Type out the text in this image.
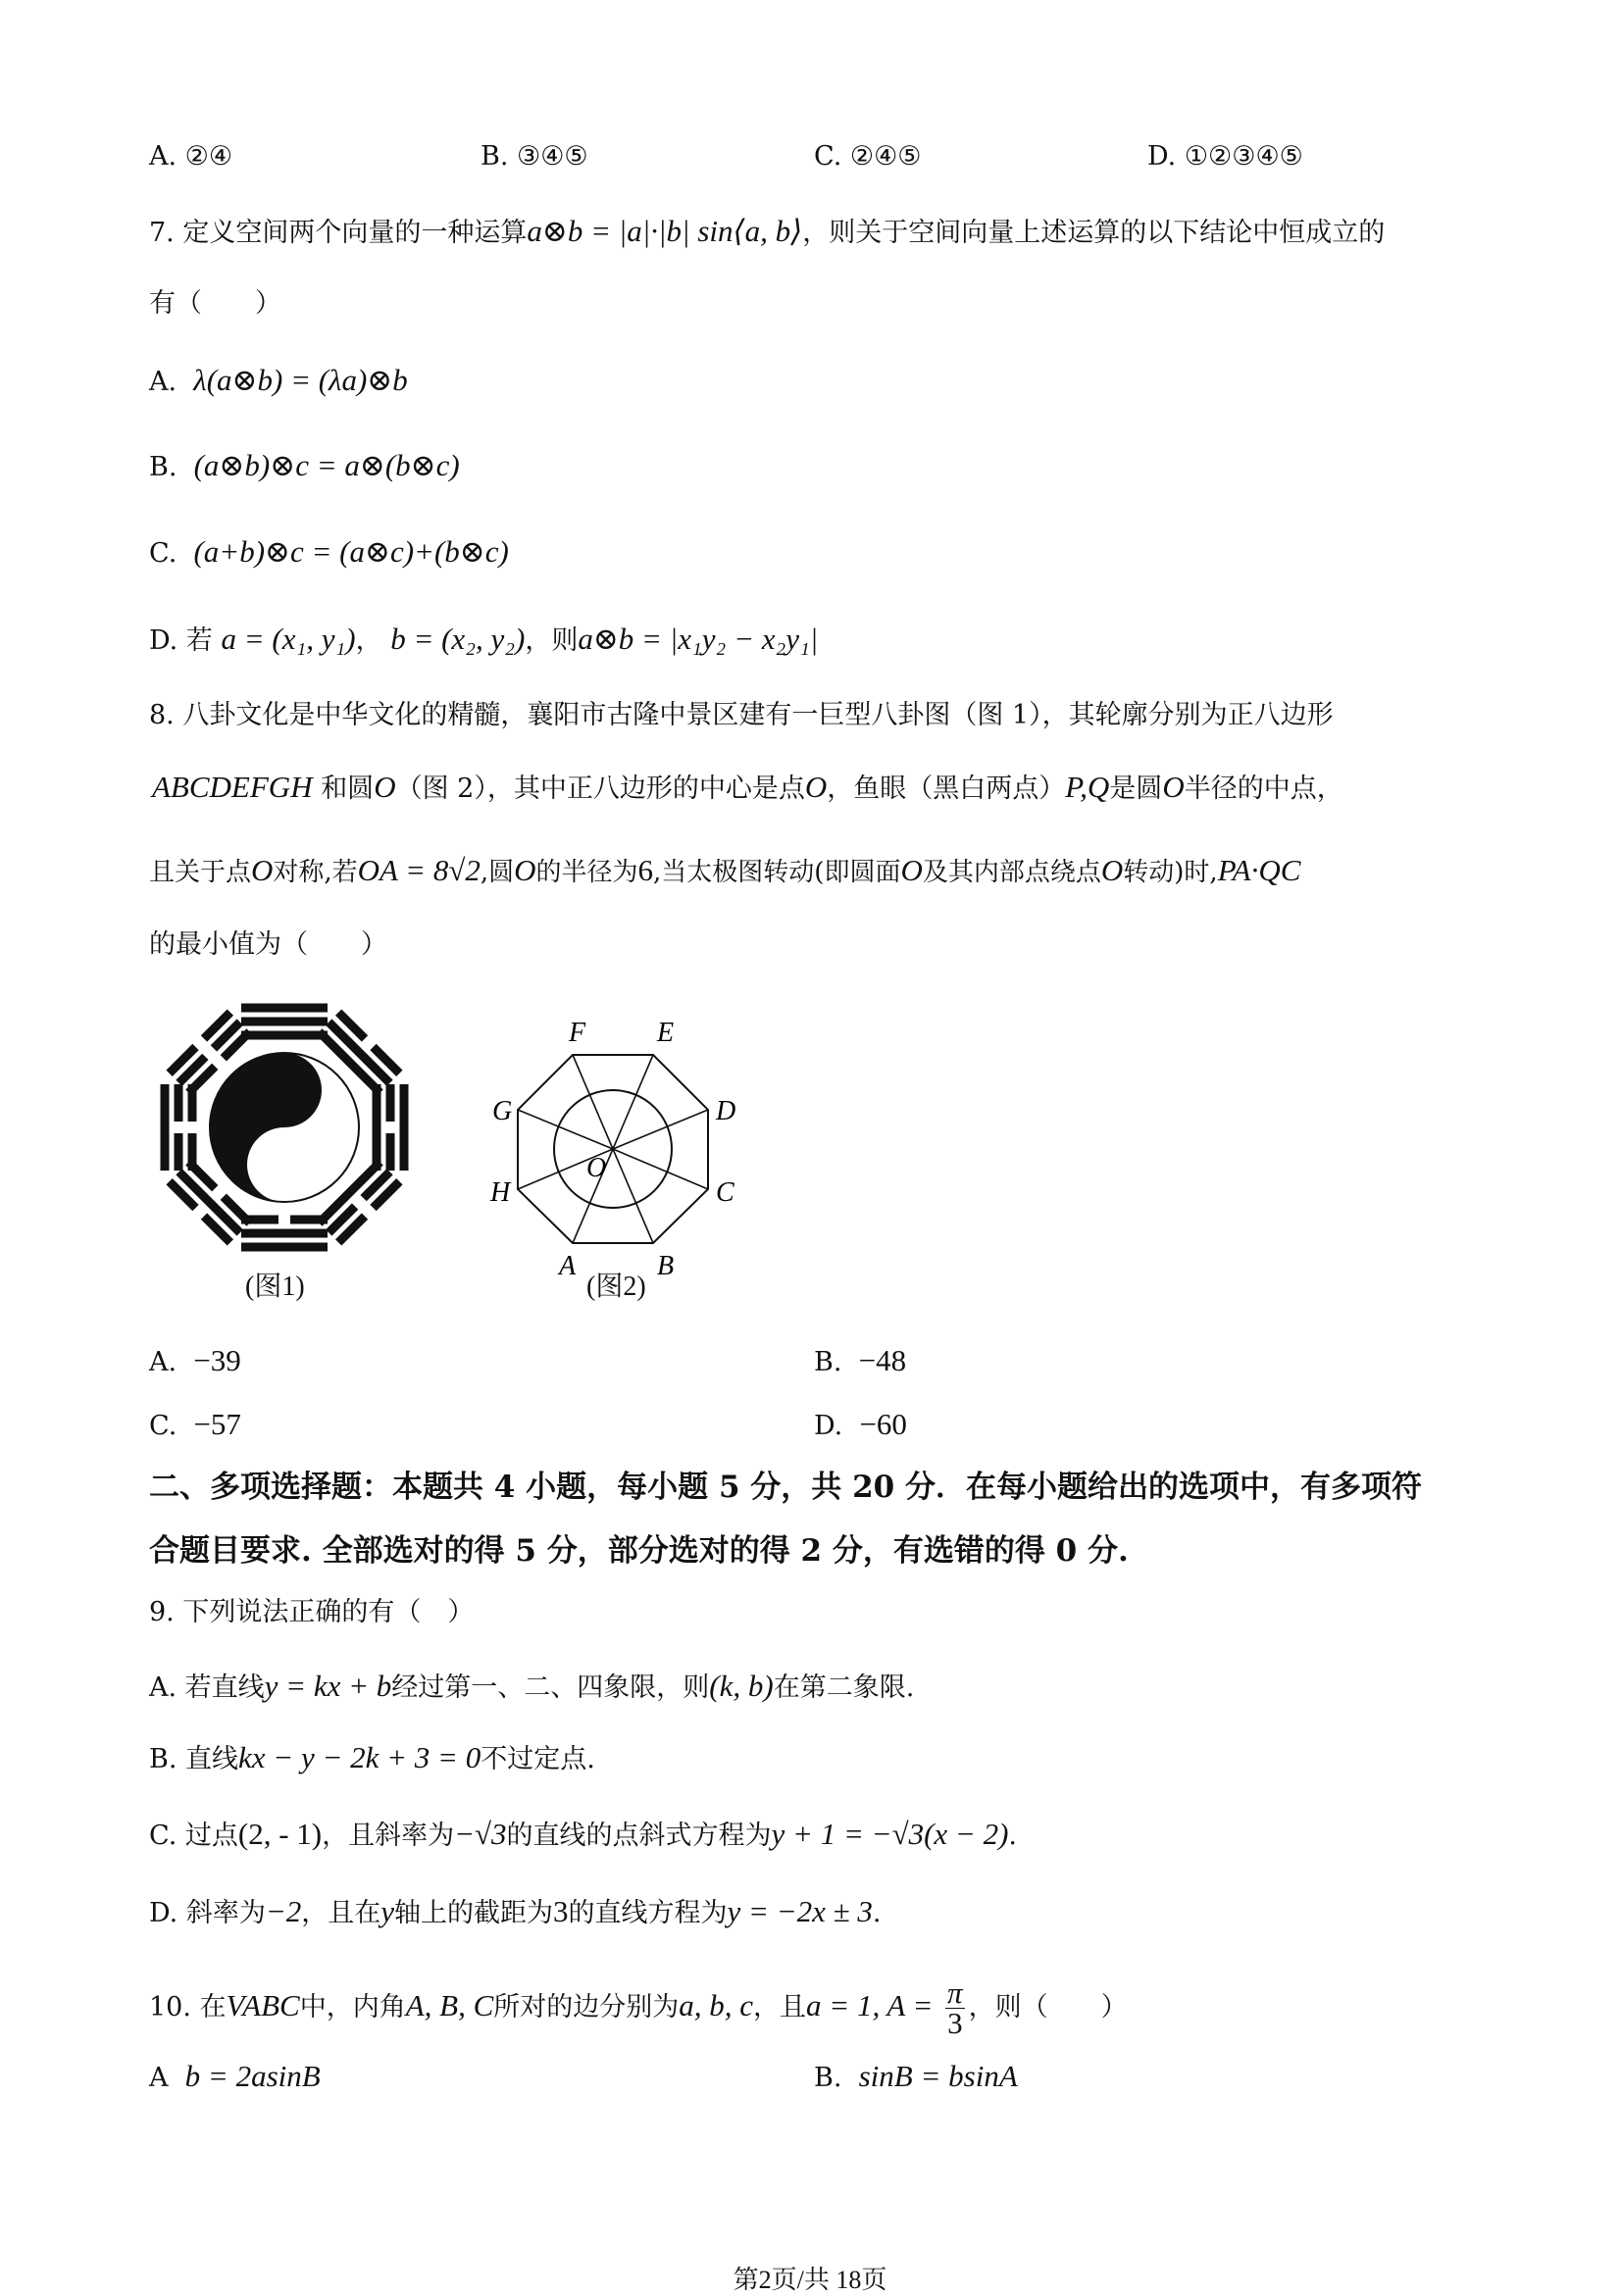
A. ②④	B. ③④⑤	C. ②④⑤	D. ①②③④⑤
7. 定义空间两个向量的一种运算a⊗b = |a|·|b| sin⟨a, b⟩，则关于空间向量上述运算的以下结论中恒成立的
有（　　）
A. λ(a⊗b) = (λa)⊗b
B. (a⊗b)⊗c = a⊗(b⊗c)
C. (a+b)⊗c = (a⊗c)+(b⊗c)
D. 若 a = (x₁, y₁)， b = (x₂, y₂)，则a⊗b = |x₁y₂ − x₂y₁|
8. 八卦文化是中华文化的精髓，襄阳市古隆中景区建有一巨型八卦图（图 1），其轮廓分别为正八边形
ABCDEFGH 和圆O（图 2），其中正八边形的中心是点O，鱼眼（黑白两点）P,Q是圆O半径的中点，
且关于点O对称,若OA = 8√2,圆O的半径为6,当太极图转动(即圆面O及其内部点绕点O转动)时,PA·QC
的最小值为（　　）
(图1)
A	B
C
D
E
F
G
H
O
(图2)
A. −39	B. −48
C. −57	D. −60
二、多项选择题：本题共 4 小题，每小题 5 分，共 20 分．在每小题给出的选项中，有多项符
合题目要求. 全部选对的得 5 分，部分选对的得 2 分，有选错的得 0 分.
9. 下列说法正确的有（　）
A. 若直线y = kx + b经过第一、二、四象限，则(k, b)在第二象限.
B. 直线kx − y − 2k + 3 = 0不过定点.
C. 过点(2, - 1)，且斜率为−√3的直线的点斜式方程为y + 1 = −√3(x − 2).
D. 斜率为−2，且在y轴上的截距为3的直线方程为y = −2x ± 3.
10. 在VABC中，内角A, B, C所对的边分别为a, b, c，且a = 1, $A = \frac{\pi}{3}$ ，则（　　）
A b = 2asinB	B. sinB = bsinA
第2页/共 18页
